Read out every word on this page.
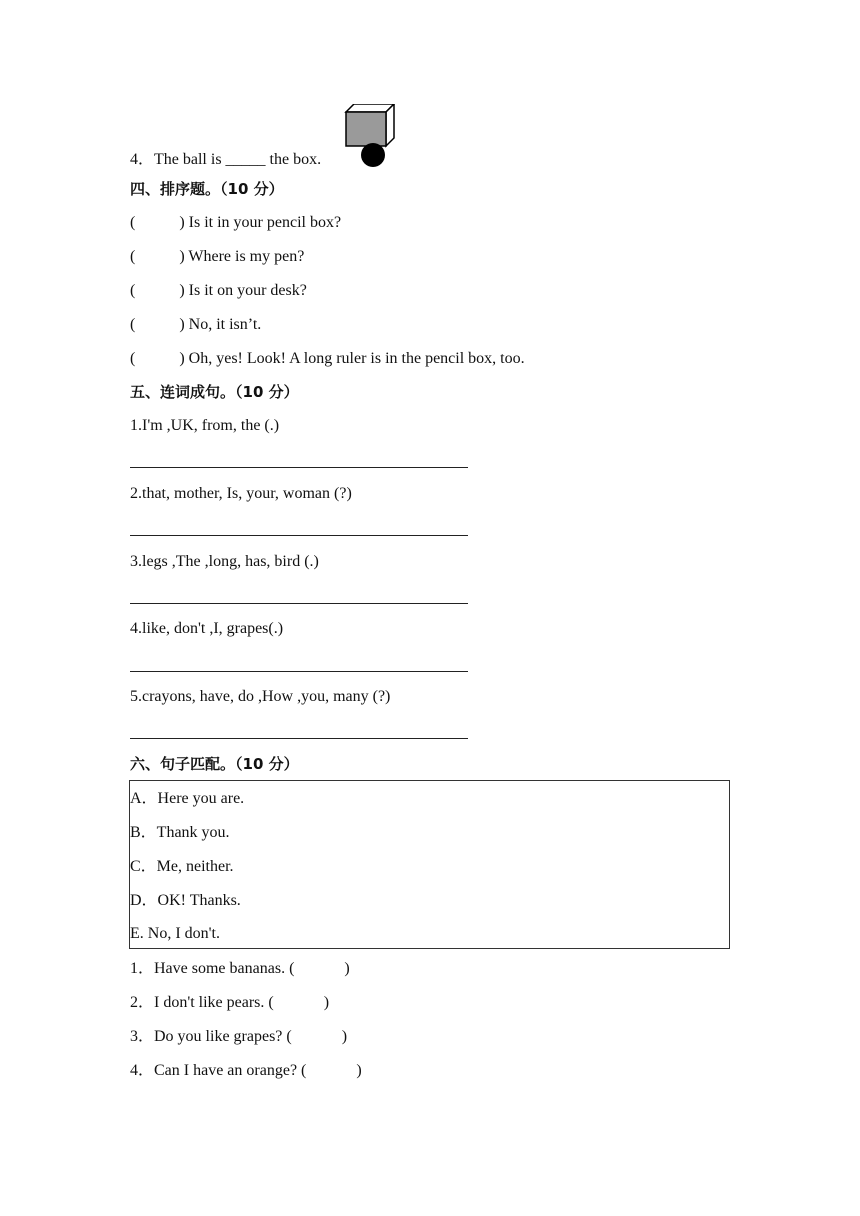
4．The ball is _____ the box.
四、排序题。（10 分）
(	) Is it in your pencil box?
(	) Where is my pen?
(	) Is it on your desk?
(	) No, it isn’t.
(	) Oh, yes! Look! A long ruler is in the pencil box, too.
五、连词成句。（10 分）
1.I'm ,UK, from, the (.)
2.that, mother, Is, your, woman (?)
3.legs ,The ,long, has, bird (.)
4.like, don't ,I, grapes(.)
5.crayons, have, do ,How ,you, many (?)
六、句子匹配。（10 分）
A．Here you are.
B．Thank you.
C．Me, neither.
D．OK! Thanks.
E. No, I don't.
1．Have some bananas. (	)
2．I don't like pears. (	)
3．Do you like grapes? (	)
4．Can I have an orange? (	)
